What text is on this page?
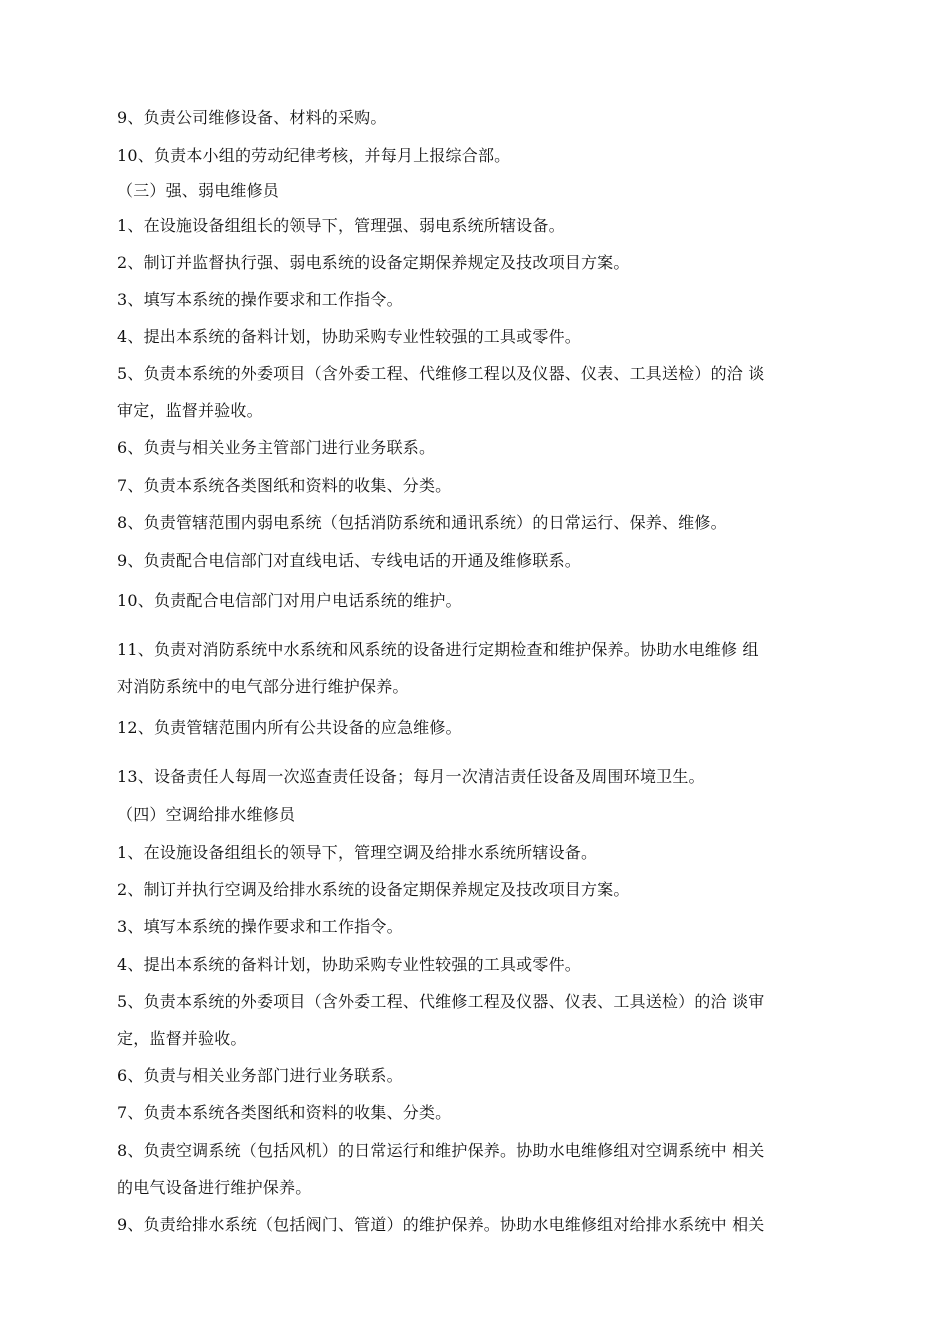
9、负责公司维修设备、材料的采购。
10、负责本小组的劳动纪律考核，并每月上报综合部。
（三）强、弱电维修员
1、在设施设备组组长的领导下，管理强、弱电系统所辖设备。
2、制订并监督执行强、弱电系统的设备定期保养规定及技改项目方案。
3、填写本系统的操作要求和工作指令。
4、提出本系统的备料计划，协助采购专业性较强的工具或零件。
5、负责本系统的外委项目（含外委工程、代维修工程以及仪器、仪表、工具送检）的洽 谈
审定，监督并验收。
6、负责与相关业务主管部门进行业务联系。
7、负责本系统各类图纸和资料的收集、分类。
8、负责管辖范围内弱电系统（包括消防系统和通讯系统）的日常运行、保养、维修。
9、负责配合电信部门对直线电话、专线电话的开通及维修联系。
10、负责配合电信部门对用户电话系统的维护。
11、负责对消防系统中水系统和风系统的设备进行定期检查和维护保养。协助水电维修 组
对消防系统中的电气部分进行维护保养。
12、负责管辖范围内所有公共设备的应急维修。
13、设备责任人每周一次巡查责任设备；每月一次清洁责任设备及周围环境卫生。
（四）空调给排水维修员
1、在设施设备组组长的领导下，管理空调及给排水系统所辖设备。
2、制订并执行空调及给排水系统的设备定期保养规定及技改项目方案。
3、填写本系统的操作要求和工作指令。
4、提出本系统的备料计划，协助采购专业性较强的工具或零件。
5、负责本系统的外委项目（含外委工程、代维修工程及仪器、仪表、工具送检）的洽 谈审
定，监督并验收。
6、负责与相关业务部门进行业务联系。
7、负责本系统各类图纸和资料的收集、分类。
8、负责空调系统（包括风机）的日常运行和维护保养。协助水电维修组对空调系统中 相关
的电气设备进行维护保养。
9、负责给排水系统（包括阀门、管道）的维护保养。协助水电维修组对给排水系统中 相关
